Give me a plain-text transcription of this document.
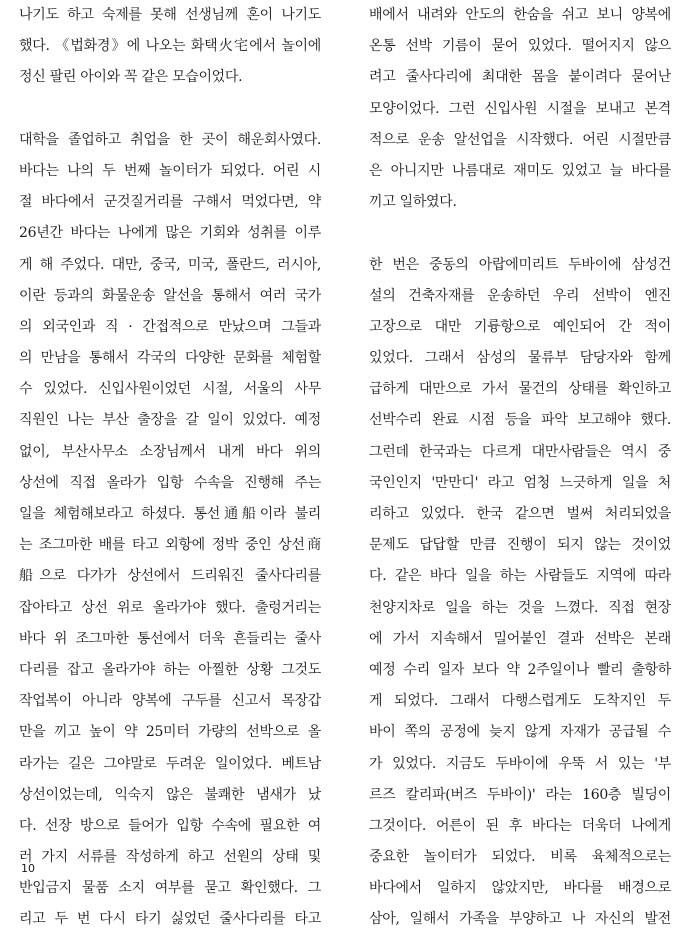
나기도 하고 숙제를 못해 선생님께 혼이 나기도
했다. 《법화경》에 나오는 화택火宅에서 놀이에
정신 팔린 아이와 꼭 같은 모습이었다.
대학을 졸업하고 취업을 한 곳이 해운회사였다.
바다는 나의 두 번째 놀이터가 되었다. 어린 시
절 바다에서 군것질거리를 구해서 먹었다면, 약
26년간 바다는 나에게 많은 기회와 성취를 이루
게 해 주었다. 대만, 중국, 미국, 폴란드, 러시아,
이란 등과의 화물운송 알선을 통해서 여러 국가
의 외국인과 직 · 간접적으로 만났으며 그들과
의 만남을 통해서 각국의 다양한 문화를 체험할
수 있었다. 신입사원이었던 시절, 서울의 사무
직원인 나는 부산 출장을 갈 일이 있었다. 예정
없이, 부산사무소 소장님께서 내게 바다 위의
상선에 직접 올라가 입항 수속을 진행해 주는
일을 체험해보라고 하셨다. 통선通船이라 불리
는 조그마한 배를 타고 외항에 정박 중인 상선商
船으로 다가가 상선에서 드리워진 줄사다리를
잡아타고 상선 위로 올라가야 했다. 출렁거리는
바다 위 조그마한 통선에서 더욱 흔들리는 줄사
다리를 잡고 올라가야 하는 아찔한 상황 그것도
작업복이 아니라 양복에 구두를 신고서 목장갑
만을 끼고 높이 약 25미터 가량의 선박으로 올
라가는 길은 그야말로 두려운 일이었다. 베트남
상선이었는데, 익숙지 않은 불쾌한 냄새가 났
다. 선장 방으로 들어가 입항 수속에 필요한 여
러 가지 서류를 작성하게 하고 선원의 상태 및
반입금지 물품 소지 여부를 묻고 확인했다. 그
리고 두 번 다시 타기 싫었던 줄사다리를 타고
배에서 내려와 안도의 한숨을 쉬고 보니 양복에
온통 선박 기름이 묻어 있었다. 떨어지지 않으
려고 줄사다리에 최대한 몸을 붙이려다 묻어난
모양이었다. 그런 신입사원 시절을 보내고 본격
적으로 운송 알선업을 시작했다. 어린 시절만큼
은 아니지만 나름대로 재미도 있었고 늘 바다를
끼고 일하였다.
한 번은 중동의 아랍에미리트 두바이에 삼성건
설의 건축자재를 운송하던 우리 선박이 엔진
고장으로 대만 기륭항으로 예인되어 간 적이
있었다. 그래서 삼성의 물류부 담당자와 함께
급하게 대만으로 가서 물건의 상태를 확인하고
선박수리 완료 시점 등을 파악 보고해야 했다.
그런데 한국과는 다르게 대만사람들은 역시 중
국인인지 '만만디' 라고 엄청 느긋하게 일을 처
리하고 있었다. 한국 같으면 벌써 처리되었을
문제도 답답할 만큼 진행이 되지 않는 것이었
다. 같은 바다 일을 하는 사람들도 지역에 따라
천양지차로 일을 하는 것을 느꼈다. 직접 현장
에 가서 지속해서 밀어붙인 결과 선박은 본래
예정 수리 일자 보다 약 2주일이나 빨리 출항하
게 되었다. 그래서 다행스럽게도 도착지인 두
바이 쪽의 공정에 늦지 않게 자재가 공급될 수
가 있었다. 지금도 두바이에 우뚝 서 있는 '부
르즈 칼리파(버즈 두바이)' 라는 160층 빌딩이
그것이다. 어른이 된 후 바다는 더욱더 나에게
중요한 놀이터가 되었다. 비록 육체적으로는
바다에서 일하지 않았지만, 바다를 배경으로
삼아, 일해서 가족을 부양하고 나 자신의 발전
10
